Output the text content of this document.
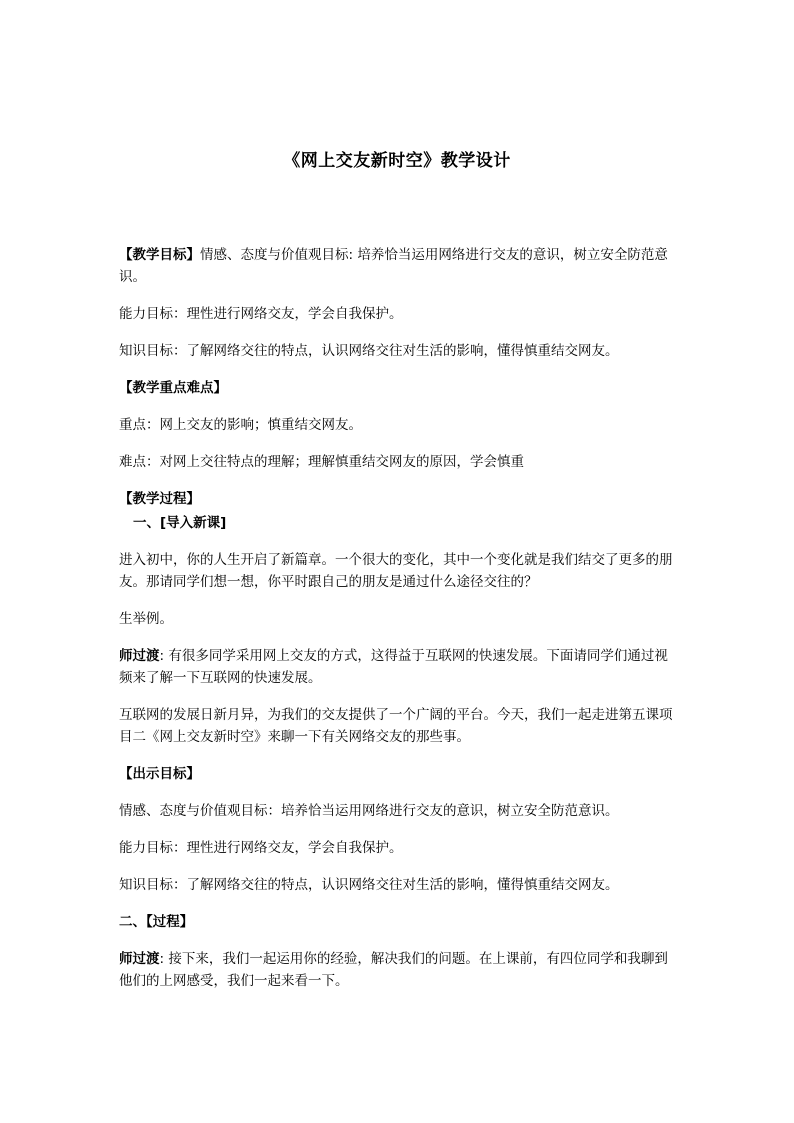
《网上交友新时空》教学设计

【教学目标】情感、态度与价值观目标: 培养恰当运用网络进行交友的意识，树立安全防范意识。

能力目标：理性进行网络交友，学会自我保护。

知识目标：了解网络交往的特点，认识网络交往对生活的影响，懂得慎重结交网友。

【教学重点难点】

重点：网上交友的影响；慎重结交网友。

难点：对网上交往特点的理解；理解慎重结交网友的原因，学会慎重

【教学过程】

一、[导入新课]

进入初中，你的人生开启了新篇章。一个很大的变化，其中一个变化就是我们结交了更多的朋友。那请同学们想一想，你平时跟自己的朋友是通过什么途径交往的？

生举例。

师过渡: 有很多同学采用网上交友的方式，这得益于互联网的快速发展。下面请同学们通过视频来了解一下互联网的快速发展。

互联网的发展日新月异，为我们的交友提供了一个广阔的平台。今天，我们一起走进第五课项目二《网上交友新时空》来聊一下有关网络交友的那些事。

【出示目标】

情感、态度与价值观目标：培养恰当运用网络进行交友的意识，树立安全防范意识。

能力目标：理性进行网络交友，学会自我保护。

知识目标：了解网络交往的特点，认识网络交往对生活的影响，懂得慎重结交网友。

二、【过程】

师过渡: 接下来，我们一起运用你的经验，解决我们的问题。在上课前，有四位同学和我聊到他们的上网感受，我们一起来看一下。
